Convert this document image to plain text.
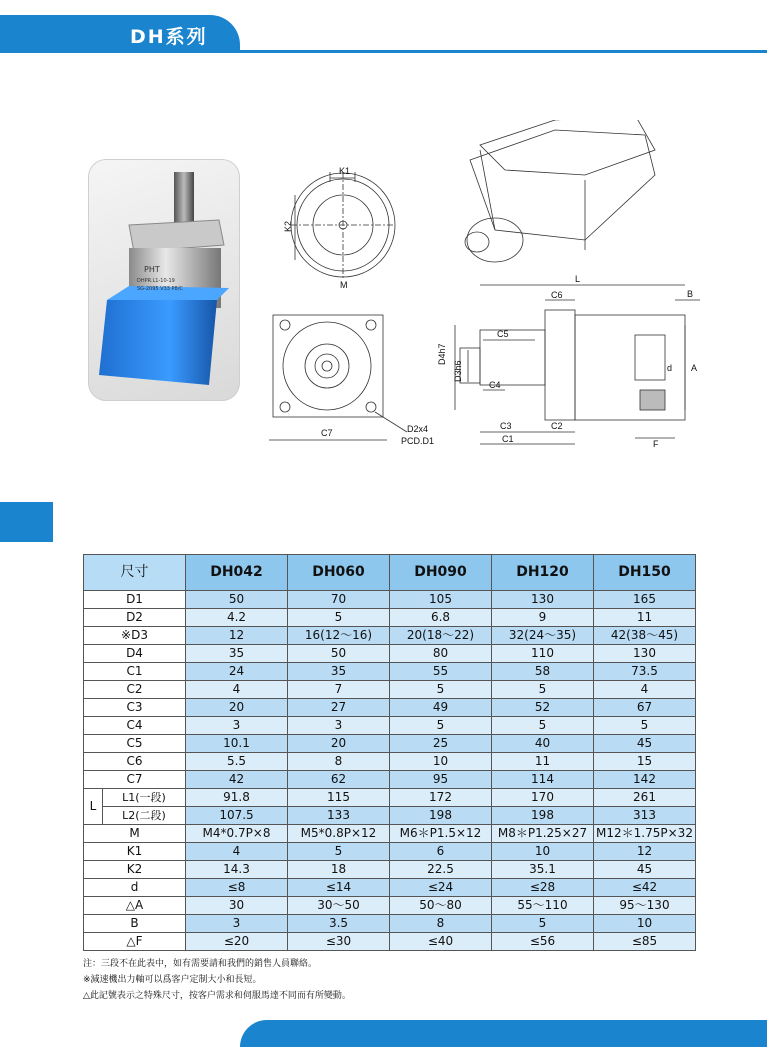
DH系列
PHT
DHPR.L1-10-19
SG-2095 V33 P8/C
K1
K2
M
C7	D2x4
PCD.D1
L
C6	B
C5
D4h7
D3h6
C4
d A
C3	C2
C1	F
尺寸	DH042	DH060	DH090	DH120	DH150
D1	50	70	105	130	165
D2	4.2	5	6.8	9	11
※D3	12	16(12～16)	20(18～22)	32(24～35)	42(38～45)
D4	35	50	80	110	130
C1	24	35	55	58	73.5
C2	4	7	5	5	4
C3	20	27	49	52	67
C4	3	3	5	5	5
C5	10.1	20	25	40	45
C6	5.5	8	10	11	15
C7	42	62	95	114	142

L
L1(一段)	91.8	115	172	170	261

L2(二段)	107.5	133	198	198	313
M	M4*0.7P×8	M5*0.8P×12	M6＊P1.5×12	M8＊P1.25×27	M12＊1.75P×32
K1	4	5	6	10	12
K2	14.3	18	22.5	35.1	45
d	≤8	≤14	≤24	≤28	≤42
△A	30	30～50	50～80	55～110	95～130
B	3	3.5	8	5	10
△F	≤20	≤30	≤40	≤56	≤85
注：三段不在此表中，如有需要請和我們的銷售人員聯絡。
※減速機出力軸可以爲客户定制大小和長短。
△此記號表示之特殊尺寸，按客户需求和伺服馬達不同而有所變動。
